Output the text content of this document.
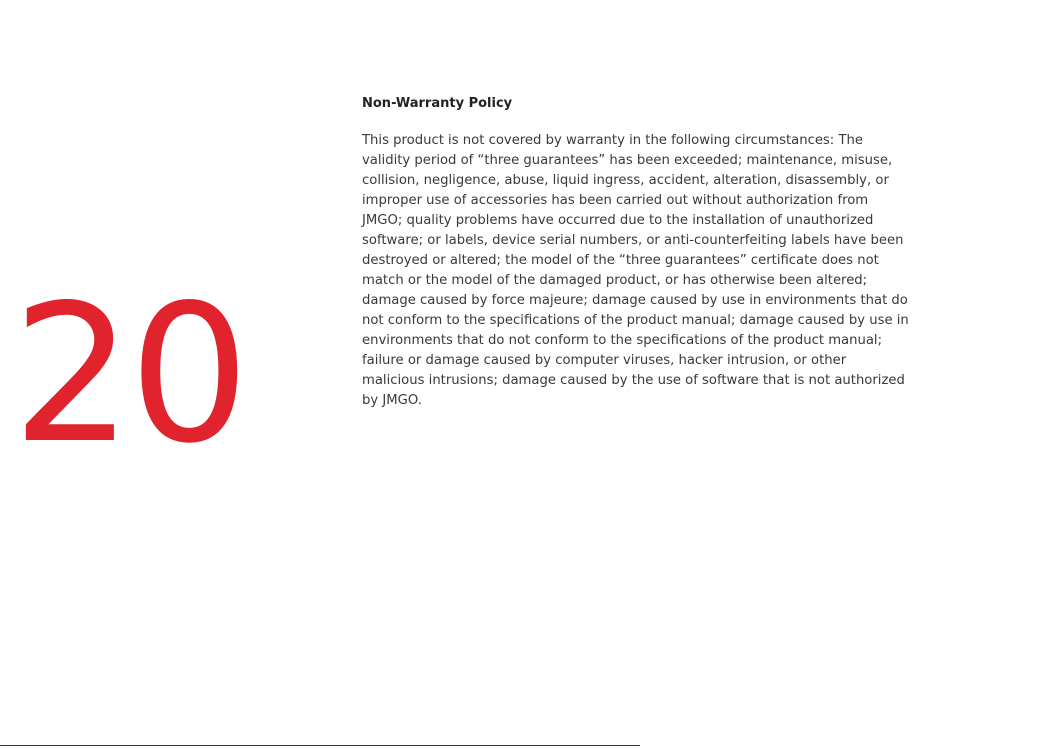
20
Non-Warranty Policy

This product is not covered by warranty in the following circumstances: The validity period of “three guarantees” has been exceeded; maintenance, misuse, collision, negligence, abuse, liquid ingress, accident, alteration, disassembly, or improper use of accessories has been carried out without authorization from JMGO; quality problems have occurred due to the installation of unauthorized software; or labels, device serial numbers, or anti-counterfeiting labels have been destroyed or altered; the model of the “three guarantees” certificate does not match or the model of the damaged product, or has otherwise been altered; damage caused by force majeure; damage caused by use in environments that do not conform to the specifications of the product manual; damage caused by use in environments that do not conform to the specifications of the product manual; failure or damage caused by computer viruses, hacker intrusion, or other malicious intrusions; damage caused by the use of software that is not authorized by JMGO.
